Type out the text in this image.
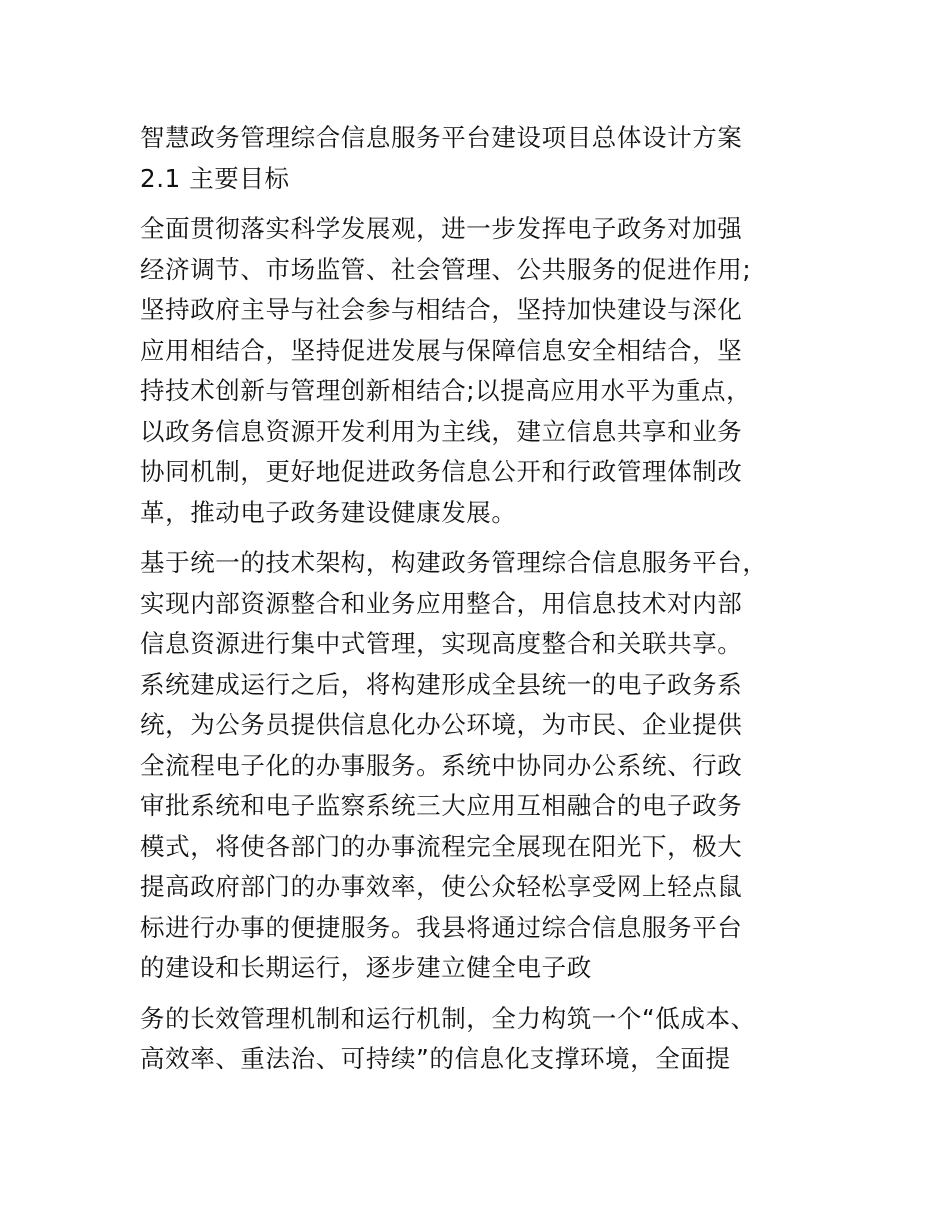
智慧政务管理综合信息服务平台建设项目总体设计方案
2.1 主要目标
全面贯彻落实科学发展观，进一步发挥电子政务对加强
经济调节、市场监管、社会管理、公共服务的促进作用;
坚持政府主导与社会参与相结合，坚持加快建设与深化
应用相结合，坚持促进发展与保障信息安全相结合，坚
持技术创新与管理创新相结合;以提高应用水平为重点，
以政务信息资源开发利用为主线，建立信息共享和业务
协同机制，更好地促进政务信息公开和行政管理体制改
革，推动电子政务建设健康发展。
基于统一的技术架构，构建政务管理综合信息服务平台，
实现内部资源整合和业务应用整合，用信息技术对内部
信息资源进行集中式管理，实现高度整合和关联共享。
系统建成运行之后，将构建形成全县统一的电子政务系
统，为公务员提供信息化办公环境，为市民、企业提供
全流程电子化的办事服务。系统中协同办公系统、行政
审批系统和电子监察系统三大应用互相融合的电子政务
模式，将使各部门的办事流程完全展现在阳光下，极大
提高政府部门的办事效率，使公众轻松享受网上轻点鼠
标进行办事的便捷服务。我县将通过综合信息服务平台
的建设和长期运行，逐步建立健全电子政
务的长效管理机制和运行机制，全力构筑一个“低成本、
高效率、重法治、可持续”的信息化支撑环境，全面提
